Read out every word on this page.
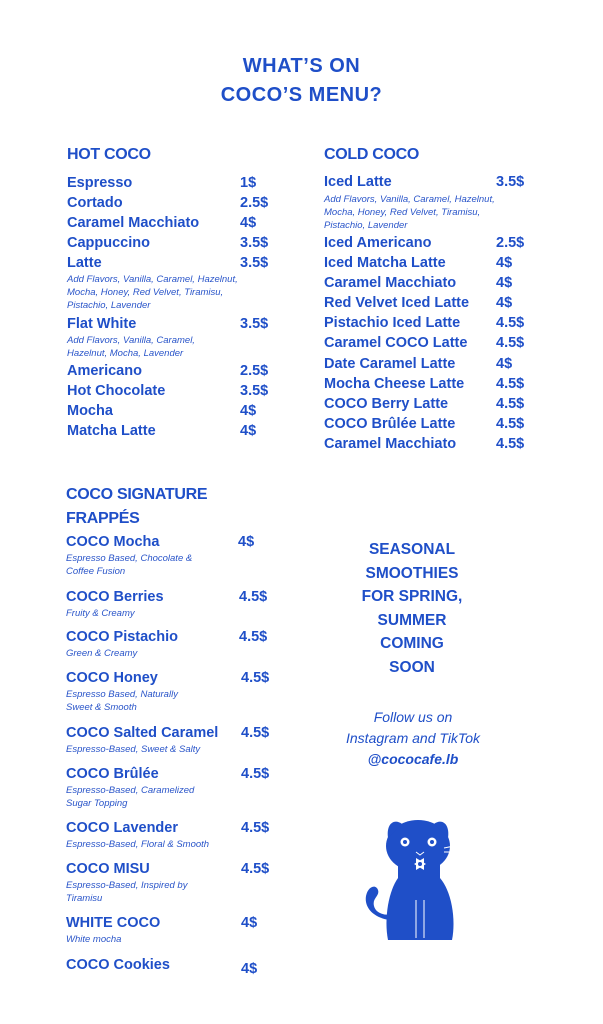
WHAT’S ON
COCO’S MENU?
HOT COCO
Espresso	1$
Cortado	2.5$
Caramel Macchiato	4$
Cappuccino	3.5$
Latte	3.5$
Add Flavors, Vanilla, Caramel, Hazelnut, Mocha, Honey, Red Velvet, Tiramisu, Pistachio, Lavender
Flat White	3.5$
Add Flavors, Vanilla, Caramel, Hazelnut, Mocha, Lavender
Americano	2.5$
Hot Chocolate	3.5$
Mocha	4$
Matcha Latte	4$
COLD COCO
Iced Latte	3.5$
Add Flavors, Vanilla, Caramel, Hazelnut, Mocha, Honey, Red Velvet, Tiramisu, Pistachio, Lavender
Iced Americano	2.5$
Iced Matcha Latte	4$
Caramel Macchiato	4$
Red Velvet Iced Latte 4$
Pistachio Iced Latte 4.5$
Caramel COCO Latte 4.5$
Date Caramel Latte	4$
Mocha Cheese Latte 4.5$
COCO Berry Latte	4.5$
COCO Brûlée Latte	4.5$
Caramel Macchiato	4.5$
COCO SIGNATURE
FRAPPÉS
COCO Mocha	4$
Espresso Based, Chocolate & Coffee Fusion
COCO Berries	4.5$
Fruity & Creamy
COCO Pistachio	4.5$
Green & Creamy
COCO Honey	4.5$
Espresso Based, Naturally Sweet & Smooth
COCO Salted Caramel 4.5$
Espresso-Based, Sweet & Salty
COCO Brûlée	4.5$
Espresso-Based, Caramelized Sugar Topping
COCO Lavender	4.5$
Espresso-Based, Floral & Smooth
COCO MISU	4.5$
Espresso-Based, Inspired by Tiramisu
WHITE COCO	4$
White mocha
COCO Cookies	4$
SEASONAL
SMOOTHIES
FOR SPRING,
SUMMER
COMING
SOON
Follow us on
Instagram and TikTok
@cococafe.lb
